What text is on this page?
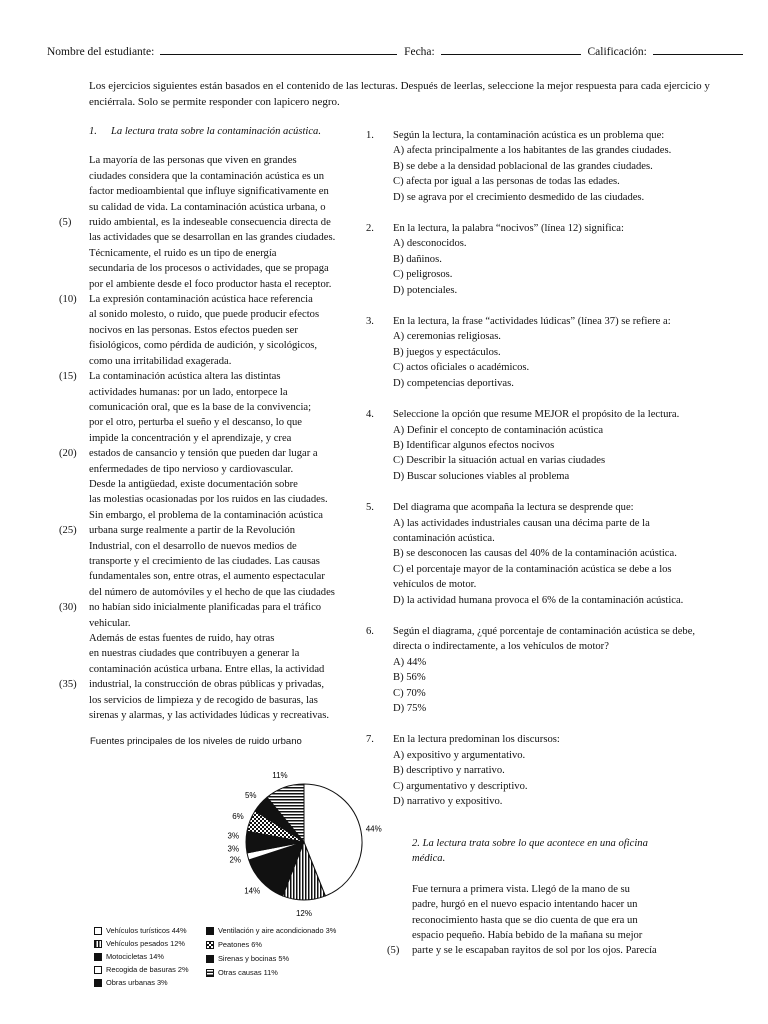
Nombre del estudiante:	Fecha:	Calificación:
Los ejercicios siguientes están basados en el contenido de las lecturas. Después de leerlas, seleccione la mejor respuesta para cada ejercicio y enciérrala. Solo se permite responder con lapicero negro.
1. La lectura trata sobre la contaminación acústica.

La mayoría de las personas que viven en grandes

ciudades considera que la contaminación acústica es un

factor medioambiental que influye significativamente en

su calidad de vida. La contaminación acústica urbana, o

(5) ruido ambiental, es la indeseable consecuencia directa de

las actividades que se desarrollan en las grandes ciudades.

Técnicamente, el ruido es un tipo de energía

secundaria de los procesos o actividades, que se propaga

por el ambiente desde el foco productor hasta el receptor.

(10) La expresión contaminación acústica hace referencia

al sonido molesto, o ruido, que puede producir efectos

nocivos en las personas. Estos efectos pueden ser

fisiológicos, como pérdida de audición, y sicológicos,

como una irritabilidad exagerada.

(15) La contaminación acústica altera las distintas

actividades humanas: por un lado, entorpece la

comunicación oral, que es la base de la convivencia;

por el otro, perturba el sueño y el descanso, lo que

impide la concentración y el aprendizaje, y crea

(20) estados de cansancio y tensión que pueden dar lugar a

enfermedades de tipo nervioso y cardiovascular.

Desde la antigüedad, existe documentación sobre

las molestias ocasionadas por los ruidos en las ciudades.

Sin embargo, el problema de la contaminación acústica

(25) urbana surge realmente a partir de la Revolución

Industrial, con el desarrollo de nuevos medios de

transporte y el crecimiento de las ciudades. Las causas

fundamentales son, entre otras, el aumento espectacular

del número de automóviles y el hecho de que las ciudades

(30) no habían sido inicialmente planificadas para el tráfico

vehicular.

Además de estas fuentes de ruido, hay otras

en nuestras ciudades que contribuyen a generar la

contaminación acústica urbana. Entre ellas, la actividad

(35) industrial, la construcción de obras públicas y privadas,

los servicios de limpieza y de recogido de basuras, las

sirenas y alarmas, y las actividades lúdicas y recreativas.

Fuentes principales de los niveles de ruido urbano
44%
12%
14%
2%
3%
3%
6%
5%
11%
Vehículos turísticos 44%
Vehículos pesados 12%
Motocicletas 14%
Recogida de basuras 2%
Obras urbanas 3%
Ventilación y aire acondicionado 3%
Peatones 6%
Sirenas y bocinas 5%
Otras causas 11%
1. Según la lectura, la contaminación acústica es un problema que:
A) afecta principalmente a los habitantes de las grandes ciudades.
B) se debe a la densidad poblacional de las grandes ciudades.
C) afecta por igual a las personas de todas las edades.
D) se agrava por el crecimiento desmedido de las ciudades.
2. En la lectura, la palabra “nocivos” (línea 12) significa:
A) desconocidos.
B) dañinos.
C) peligrosos.
D) potenciales.
3. En la lectura, la frase “actividades lúdicas” (línea 37) se refiere a:
A) ceremonias religiosas.
B) juegos y espectáculos.
C) actos oficiales o académicos.
D) competencias deportivas.
4. Seleccione la opción que resume MEJOR el propósito de la lectura.
A) Definir el concepto de contaminación acústica
B) Identificar algunos efectos nocivos
C) Describir la situación actual en varias ciudades
D) Buscar soluciones viables al problema
5. Del diagrama que acompaña la lectura se desprende que:
A) las actividades industriales causan una décima parte de la
contaminación acústica.
B) se desconocen las causas del 40% de la contaminación acústica.
C) el porcentaje mayor de la contaminación acústica se debe a los
vehículos de motor.
D) la actividad humana provoca el 6% de la contaminación acústica.
6. Según el diagrama, ¿qué porcentaje de contaminación acústica se debe,
directa o indirectamente, a los vehículos de motor?
A) 44%
B) 56%
C) 70%
D) 75%
7. En la lectura predominan los discursos:
A) expositivo y argumentativo.
B) descriptivo y narrativo.
C) argumentativo y descriptivo.
D) narrativo y expositivo.
2. La lectura trata sobre lo que acontece en una oficina médica.

Fue ternura a primera vista. Llegó de la mano de su

padre, hurgó en el nuevo espacio intentando hacer un

reconocimiento hasta que se dio cuenta de que era un

espacio pequeño. Había bebido de la mañana su mejor

(5) parte y se le escapaban rayitos de sol por los ojos. Parecía
